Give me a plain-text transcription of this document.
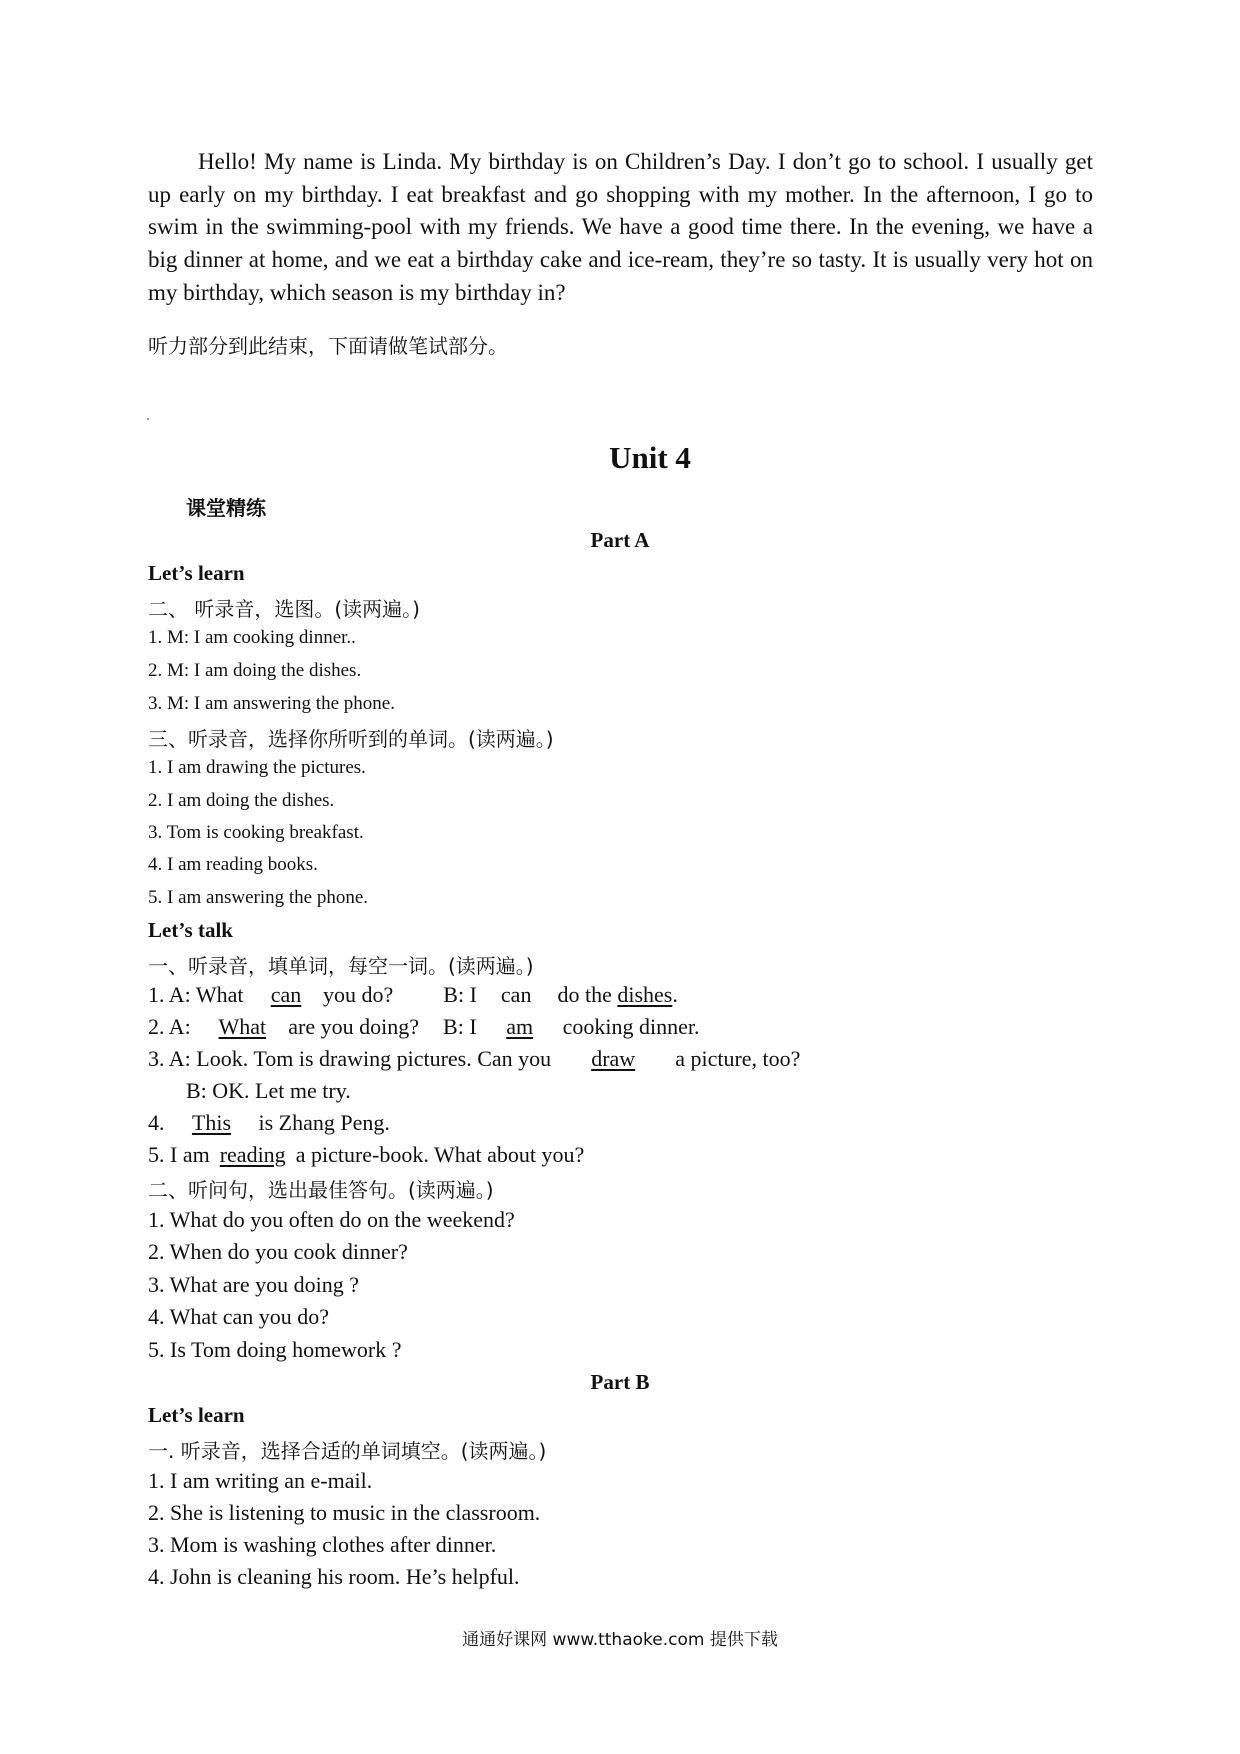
Hello! My name is Linda. My birthday is on Children’s Day. I don’t go to school. I usually get up early on my birthday. I eat breakfast and go shopping with my mother. In the afternoon, I go to swim in the swimming-pool with my friends. We have a good time there. In the evening, we have a big dinner at home, and we eat a birthday cake and ice-ream, they’re so tasty. It is usually very hot on my birthday, which season is my birthday in?

听力部分到此结束，下面请做笔试部分。
Unit 4
课堂精练
Part A
Let’s learn
二、 听录音，选图。(读两遍。)
1. M: I am cooking dinner..
2. M: I am doing the dishes.
3. M: I am answering the phone.
三、听录音，选择你所听到的单词。(读两遍。)
1. I am drawing the pictures.
2. I am doing the dishes.
3. Tom is cooking breakfast.
4. I am reading books.
5. I am answering the phone.
Let’s talk
一、听录音，填单词，每空一词。(读两遍。)
1. A: What can you do? B: I can do the dishes.
2. A: What are you doing? B: I am cooking dinner.
3. A: Look. Tom is drawing pictures. Can you draw a picture, too?
B: OK. Let me try.
4. This is Zhang Peng.
5. I am reading a picture-book. What about you?
二、听问句，选出最佳答句。(读两遍。)
1. What do you often do on the weekend?
2. When do you cook dinner?
3. What are you doing ?
4. What can you do?
5. Is Tom doing homework ?
Part B
Let’s learn
一. 听录音，选择合适的单词填空。(读两遍。)
1. I am writing an e-mail.
2. She is listening to music in the classroom.
3. Mom is washing clothes after dinner.
4. John is cleaning his room. He’s helpful.
通通好课网 www.tthaoke.com 提供下载
